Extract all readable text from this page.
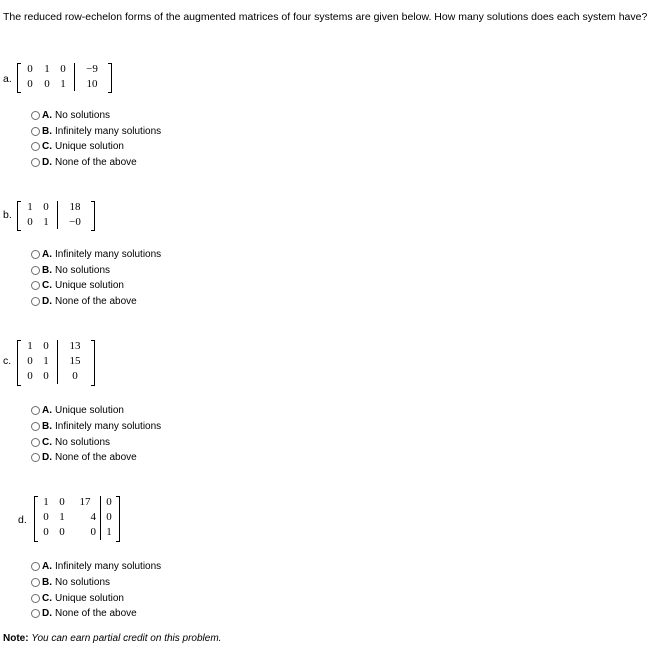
The reduced row-echelon forms of the augmented matrices of four systems are given below. How many solutions does each system have?
a.
0 1 0	−9
0 0 1	10
A. No solutions
B. Infinitely many solutions
C. Unique solution
D. None of the above
b.
1 0	18
0 1	−0
A. Infinitely many solutions
B. No solutions
C. Unique solution
D. None of the above
c.
1 0	13
0 1	15
0 0	0
A. Unique solution
B. Infinitely many solutions
C. No solutions
D. None of the above
d.
1 0	17	0
0 1	4 0
0 0	0 1
A. Infinitely many solutions
B. No solutions
C. Unique solution
D. None of the above
Note: You can earn partial credit on this problem.
